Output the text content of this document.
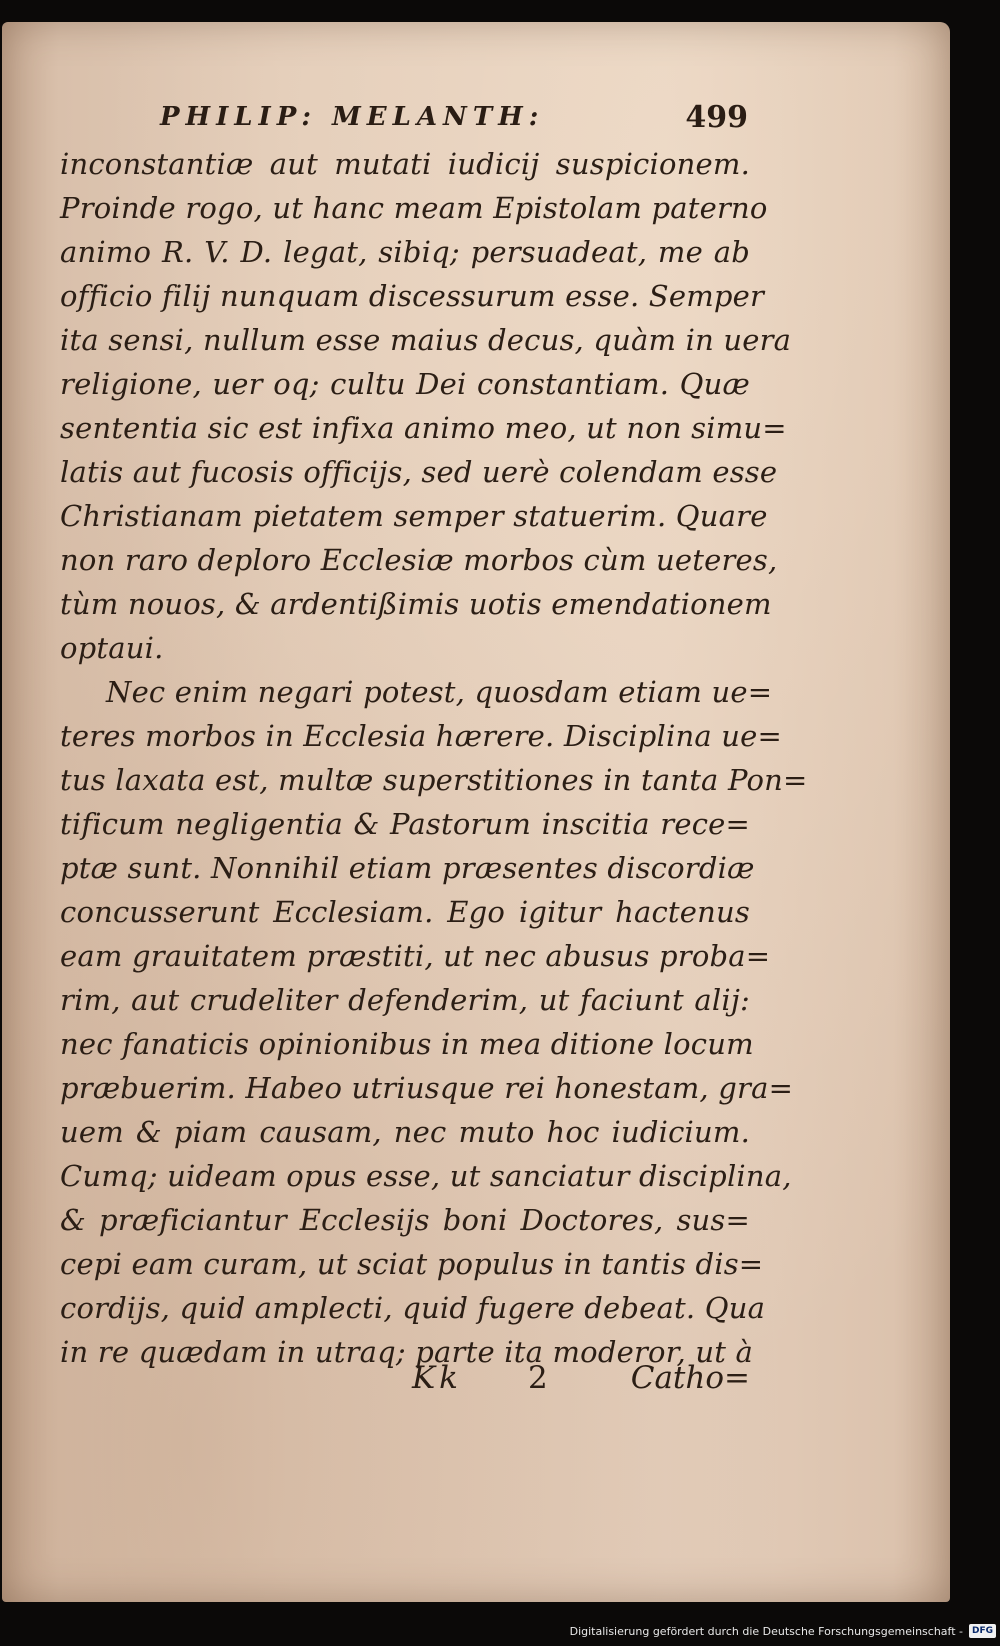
PHILIP: MELANTH:	499
inconstantiæ aut mutati iudicij suspicionem.
Proinde rogo, ut hanc meam Epistolam paterno
animo R. V. D. legat, sibiq; persuadeat, me ab
officio filij nunquam discessurum esse. Semper
ita sensi, nullum esse maius decus, quàm in uera
religione, uer oq; cultu Dei constantiam. Quæ
sententia sic est infixa animo meo, ut non simu=
latis aut fucosis officijs, sed uerè colendam esse
Christianam pietatem semper statuerim. Quare
non raro deploro Ecclesiæ morbos cùm ueteres,
tùm nouos, & ardentißimis uotis emendationem
optaui.
Nec enim negari potest, quosdam etiam ue=
teres morbos in Ecclesia hærere. Disciplina ue=
tus laxata est, multæ superstitiones in tanta Pon=
tificum negligentia & Pastorum inscitia rece=
ptæ sunt. Nonnihil etiam præsentes discordiæ
concusserunt Ecclesiam. Ego igitur hactenus
eam grauitatem præstiti, ut nec abusus proba=
rim, aut crudeliter defenderim, ut faciunt alij:
nec fanaticis opinionibus in mea ditione locum
præbuerim. Habeo utriusque rei honestam, gra=
uem & piam causam, nec muto hoc iudicium.
Cumq; uideam opus esse, ut sanciatur disciplina,
& præficiantur Ecclesijs boni Doctores, sus=
cepi eam curam, ut sciat populus in tantis dis=
cordijs, quid amplecti, quid fugere debeat. Qua
in re quædam in utraq; parte ita moderor, ut à
Kk 2	Catho=
Digitalisierung gefördert durch die Deutsche Forschungsgemeinschaft -	DFG
